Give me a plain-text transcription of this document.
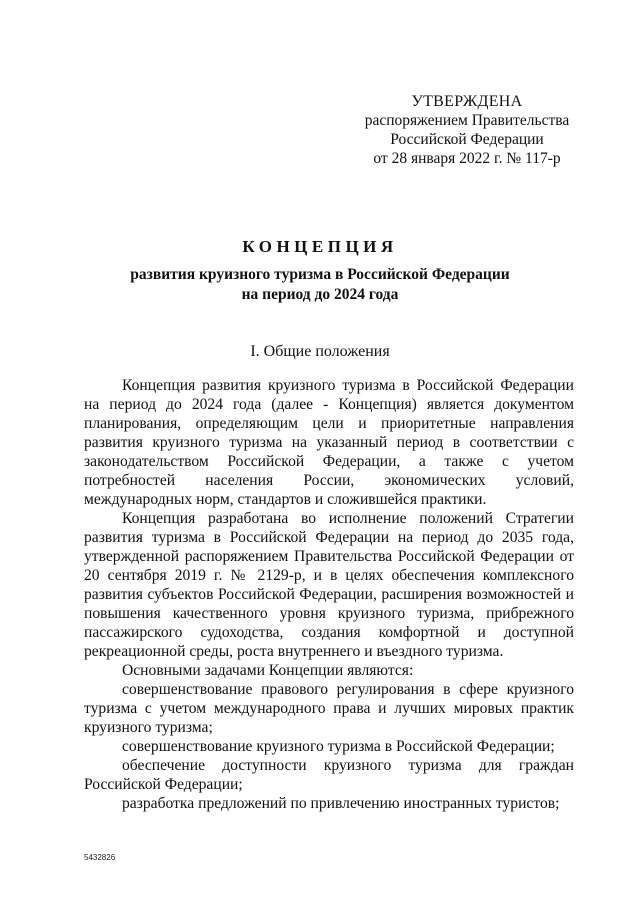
УТВЕРЖДЕНА
распоряжением Правительства
Российской Федерации
от 28 января 2022 г. № 117-р
КОНЦЕПЦИЯ
развития круизного туризма в Российской Федерации
на период до 2024 года
I. Общие положения

Концепция развития круизного туризма в Российской Федерации на период до 2024 года (далее - Концепция) является документом планирования, определяющим цели и приоритетные направления развития круизного туризма на указанный период в соответствии с законодательством Российской Федерации, а также с учетом потребностей населения России, экономических условий, международных норм, стандартов и сложившейся практики.

Концепция разработана во исполнение положений Стратегии развития туризма в Российской Федерации на период до 2035 года, утвержденной распоряжением Правительства Российской Федерации от 20 сентября 2019 г. № 2129-р, и в целях обеспечения комплексного развития субъектов Российской Федерации, расширения возможностей и повышения качественного уровня круизного туризма, прибрежного пассажирского судоходства, создания комфортной и доступной рекреационной среды, роста внутреннего и въездного туризма.

Основными задачами Концепции являются:

совершенствование правового регулирования в сфере круизного туризма с учетом международного права и лучших мировых практик круизного туризма;

совершенствование круизного туризма в Российской Федерации;

обеспечение доступности круизного туризма для граждан Российской Федерации;

разработка предложений по привлечению иностранных туристов;

5432826
